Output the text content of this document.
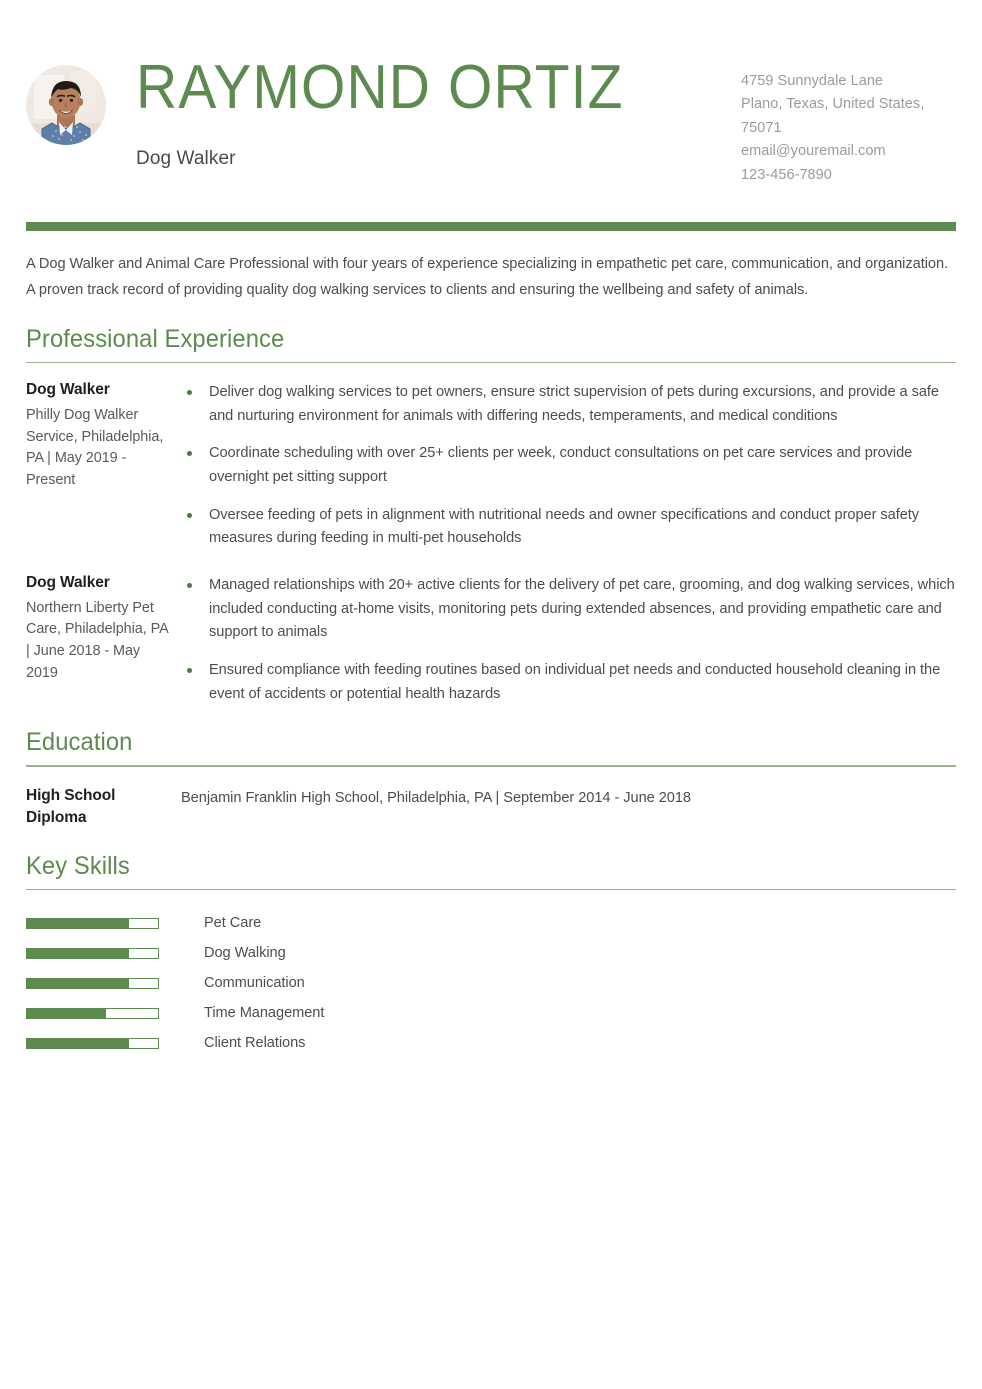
RAYMOND ORTIZ
Dog Walker
4759 Sunnydale Lane
Plano, Texas, United States, 75071
email@youremail.com
123-456-7890
A Dog Walker and Animal Care Professional with four years of experience specializing in empathetic pet care, communication, and organization. A proven track record of providing quality dog walking services to clients and ensuring the wellbeing and safety of animals.
Professional Experience
Dog Walker
Philly Dog Walker Service, Philadelphia, PA | May 2019 - Present
Deliver dog walking services to pet owners, ensure strict supervision of pets during excursions, and provide a safe and nurturing environment for animals with differing needs, temperaments, and medical conditions
Coordinate scheduling with over 25+ clients per week, conduct consultations on pet care services and provide overnight pet sitting support
Oversee feeding of pets in alignment with nutritional needs and owner specifications and conduct proper safety measures during feeding in multi-pet households
Dog Walker
Northern Liberty Pet Care, Philadelphia, PA | June 2018 - May 2019
Managed relationships with 20+ active clients for the delivery of pet care, grooming, and dog walking services, which included conducting at-home visits, monitoring pets during extended absences, and providing empathetic care and support to animals
Ensured compliance with feeding routines based on individual pet needs and conducted household cleaning in the event of accidents or potential health hazards
Education
High School Diploma
Benjamin Franklin High School, Philadelphia, PA | September 2014 - June 2018
Key Skills
Pet Care
Dog Walking
Communication
Time Management
Client Relations
